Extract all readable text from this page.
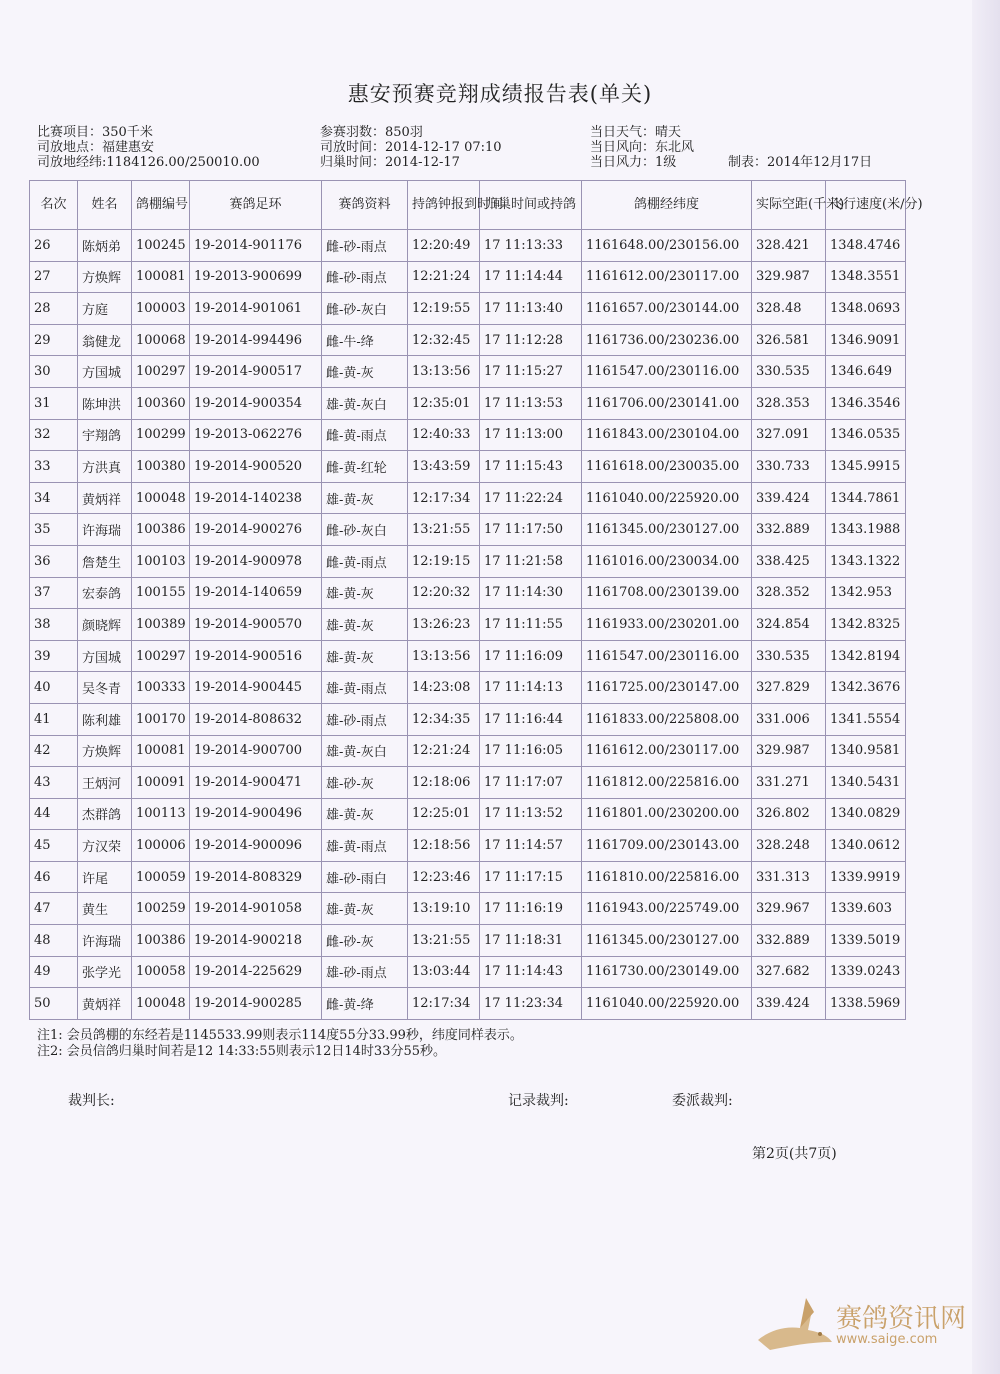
惠安预赛竞翔成绩报告表(单关)
比赛项目：350千米
司放地点：福建惠安
司放地经纬:1184126.00/250010.00
参赛羽数：850羽
司放时间：2014-12-17 07:10
归巢时间：2014-12-17
当日天气：晴天
当日风向：东北风
当日风力：1级	制表：2014年12月17日
名次	姓名	鸽棚编号	赛鸽足环	赛鸽资料	持鸽钟报到时间	归巢时间或持鸽	鸽棚经纬度	实际空距(千米)	飞行速度(米/分)
26	陈炳弟	100245	19-2014-901176	雌-砂-雨点	12:20:49	17 11:13:33	1161648.00/230156.00	328.421	1348.4746
27	方焕辉	100081	19-2013-900699	雌-砂-雨点	12:21:24	17 11:14:44	1161612.00/230117.00	329.987	1348.3551
28	方庭	100003	19-2014-901061	雌-砂-灰白	12:19:55	17 11:13:40	1161657.00/230144.00	328.48	1348.0693
29	翁健龙	100068	19-2014-994496	雌-牛-绛	12:32:45	17 11:12:28	1161736.00/230236.00	326.581	1346.9091
30	方国城	100297	19-2014-900517	雌-黄-灰	13:13:56	17 11:15:27	1161547.00/230116.00	330.535	1346.649
31	陈坤洪	100360	19-2014-900354	雄-黄-灰白	12:35:01	17 11:13:53	1161706.00/230141.00	328.353	1346.3546
32	宇翔鸽	100299	19-2013-062276	雌-黄-雨点	12:40:33	17 11:13:00	1161843.00/230104.00	327.091	1346.0535
33	方洪真	100380	19-2014-900520	雌-黄-红轮	13:43:59	17 11:15:43	1161618.00/230035.00	330.733	1345.9915
34	黄炳祥	100048	19-2014-140238	雄-黄-灰	12:17:34	17 11:22:24	1161040.00/225920.00	339.424	1344.7861
35	许海瑞	100386	19-2014-900276	雌-砂-灰白	13:21:55	17 11:17:50	1161345.00/230127.00	332.889	1343.1988
36	詹楚生	100103	19-2014-900978	雌-黄-雨点	12:19:15	17 11:21:58	1161016.00/230034.00	338.425	1343.1322
37	宏泰鸽	100155	19-2014-140659	雄-黄-灰	12:20:32	17 11:14:30	1161708.00/230139.00	328.352	1342.953
38	颜晓辉	100389	19-2014-900570	雄-黄-灰	13:26:23	17 11:11:55	1161933.00/230201.00	324.854	1342.8325
39	方国城	100297	19-2014-900516	雄-黄-灰	13:13:56	17 11:16:09	1161547.00/230116.00	330.535	1342.8194
40	吴冬青	100333	19-2014-900445	雄-黄-雨点	14:23:08	17 11:14:13	1161725.00/230147.00	327.829	1342.3676
41	陈利雄	100170	19-2014-808632	雄-砂-雨点	12:34:35	17 11:16:44	1161833.00/225808.00	331.006	1341.5554
42	方焕辉	100081	19-2014-900700	雄-黄-灰白	12:21:24	17 11:16:05	1161612.00/230117.00	329.987	1340.9581
43	王炳河	100091	19-2014-900471	雄-砂-灰	12:18:06	17 11:17:07	1161812.00/225816.00	331.271	1340.5431
44	杰群鸽	100113	19-2014-900496	雄-黄-灰	12:25:01	17 11:13:52	1161801.00/230200.00	326.802	1340.0829
45	方汉荣	100006	19-2014-900096	雄-黄-雨点	12:18:56	17 11:14:57	1161709.00/230143.00	328.248	1340.0612
46	许尾	100059	19-2014-808329	雄-砂-雨白	12:23:46	17 11:17:15	1161810.00/225816.00	331.313	1339.9919
47	黄生	100259	19-2014-901058	雄-黄-灰	13:19:10	17 11:16:19	1161943.00/225749.00	329.967	1339.603
48	许海瑞	100386	19-2014-900218	雌-砂-灰	13:21:55	17 11:18:31	1161345.00/230127.00	332.889	1339.5019
49	张学光	100058	19-2014-225629	雄-砂-雨点	13:03:44	17 11:14:43	1161730.00/230149.00	327.682	1339.0243
50	黄炳祥	100048	19-2014-900285	雌-黄-绛	12:17:34	17 11:23:34	1161040.00/225920.00	339.424	1338.5969
注1: 会员鸽棚的东经若是1145533.99则表示114度55分33.99秒，纬度同样表示。
注2: 会员信鸽归巢时间若是12 14:33:55则表示12日14时33分55秒。
裁判长:	记录裁判:	委派裁判:
第2页(共7页)
赛鸽资讯网
www.saige.com
